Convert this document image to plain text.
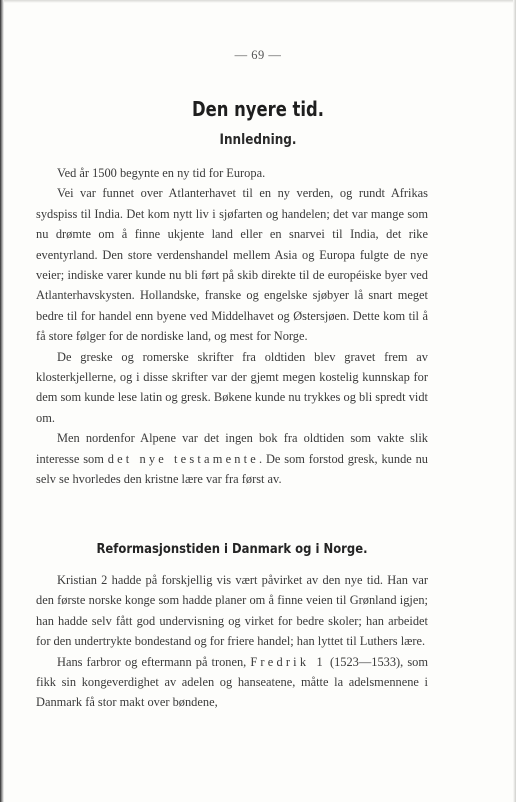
— 69 —
Den nyere tid.
Innledning.

Ved år 1500 begynte en ny tid for Europa.

Vei var funnet over Atlanterhavet til en ny verden, og rundt Afrikas sydspiss til India. Det kom nytt liv i sjøfarten og handelen; det var mange som nu drømte om å finne ukjente land eller en snarvei til India, det rike eventyrland. Den store verdenshandel mellem Asia og Europa fulgte de nye veier; indiske varer kunde nu bli ført på skib direkte til de européiske byer ved Atlanterhavskysten. Hollandske, franske og engelske sjøbyer lå snart meget bedre til for handel enn byene ved Middelhavet og Østersjøen. Dette kom til å få store følger for de nordiske land, og mest for Norge.

De greske og romerske skrifter fra oldtiden blev gravet frem av klosterkjellerne, og i disse skrifter var der gjemt megen kostelig kunnskap for dem som kunde lese latin og gresk. Bøkene kunde nu trykkes og bli spredt vidt om.

Men nordenfor Alpene var det ingen bok fra oldtiden som vakte slik interesse som det nye testamente. De som forstod gresk, kunde nu selv se hvorledes den kristne lære var fra først av.

Reformasjonstiden i Danmark og i Norge.

Kristian 2 hadde på forskjellig vis vært påvirket av den nye tid. Han var den første norske konge som hadde planer om å finne veien til Grønland igjen; han hadde selv fått god undervisning og virket for bedre skoler; han arbeidet for den undertrykte bondestand og for friere handel; han lyttet til Luthers lære.

Hans farbror og eftermann på tronen, Fredrik 1 (1523—1533), som fikk sin kongeverdighet av adelen og hanseatene, måtte la adelsmennene i Danmark få stor makt over bøndene,
